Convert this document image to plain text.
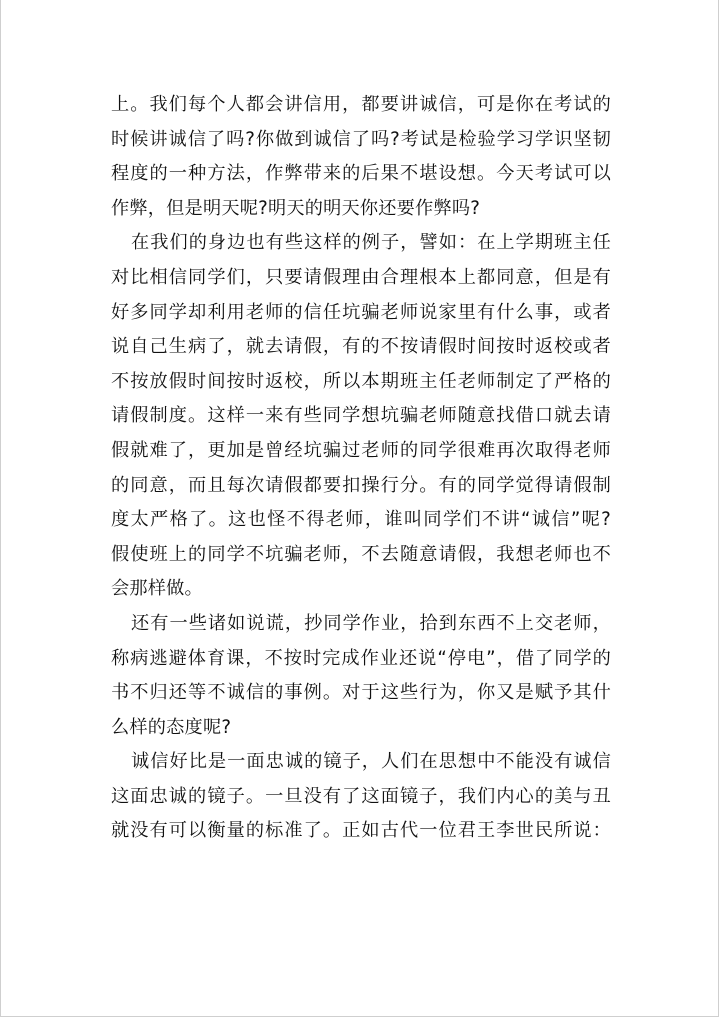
上。我们每个人都会讲信用，都要讲诚信，可是你在考试的
时候讲诚信了吗?你做到诚信了吗?考试是检验学习学识坚韧
程度的一种方法，作弊带来的后果不堪设想。今天考试可以
作弊，但是明天呢?明天的明天你还要作弊吗?
在我们的身边也有些这样的例子，譬如：在上学期班主任
对比相信同学们，只要请假理由合理根本上都同意，但是有
好多同学却利用老师的信任坑骗老师说家里有什么事，或者
说自己生病了，就去请假，有的不按请假时间按时返校或者
不按放假时间按时返校，所以本期班主任老师制定了严格的
请假制度。这样一来有些同学想坑骗老师随意找借口就去请
假就难了，更加是曾经坑骗过老师的同学很难再次取得老师
的同意，而且每次请假都要扣操行分。有的同学觉得请假制
度太严格了。这也怪不得老师，谁叫同学们不讲“诚信”呢?
假使班上的同学不坑骗老师，不去随意请假，我想老师也不
会那样做。
还有一些诸如说谎，抄同学作业，拾到东西不上交老师，
称病逃避体育课，不按时完成作业还说“停电”，借了同学的
书不归还等不诚信的事例。对于这些行为，你又是赋予其什
么样的态度呢?
诚信好比是一面忠诚的镜子，人们在思想中不能没有诚信
这面忠诚的镜子。一旦没有了这面镜子，我们内心的美与丑
就没有可以衡量的标准了。正如古代一位君王李世民所说：
